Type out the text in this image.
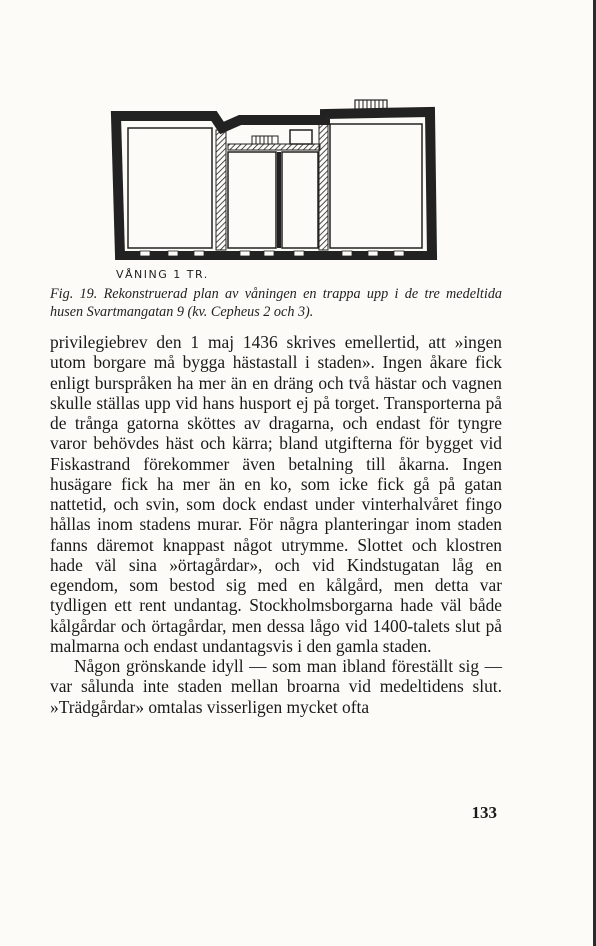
VÅNING 1 TR.
Fig. 19. Rekonstruerad plan av våningen en trappa upp i de tre medeltida husen Svartmangatan 9 (kv. Cepheus 2 och 3).

privilegiebrev den 1 maj 1436 skrives emellertid, att »ingen utom borgare må bygga hästastall i staden». Ingen åkare fick enligt burspråken ha mer än en dräng och två hästar och vagnen skulle ställas upp vid hans husport ej på torget. Transporterna på de trånga gatorna sköttes av dragarna, och endast för tyngre varor behövdes häst och kärra; bland utgifterna för bygget vid Fiskastrand förekommer även betalning till åkarna. Ingen husägare fick ha mer än en ko, som icke fick gå på gatan nattetid, och svin, som dock endast under vinterhalvåret fingo hållas inom stadens murar. För några planteringar inom staden fanns däremot knappast något utrymme. Slottet och klostren hade väl sina »örtagårdar», och vid Kindstugatan låg en egendom, som bestod sig med en kålgård, men detta var tydligen ett rent undantag. Stockholmsborgarna hade väl både kålgårdar och örtagårdar, men dessa lågo vid 1400-talets slut på malmarna och endast undantagsvis i den gamla staden.

Någon grönskande idyll — som man ibland föreställt sig — var sålunda inte staden mellan broarna vid medeltidens slut. »Trädgårdar» omtalas visserligen mycket ofta

133
